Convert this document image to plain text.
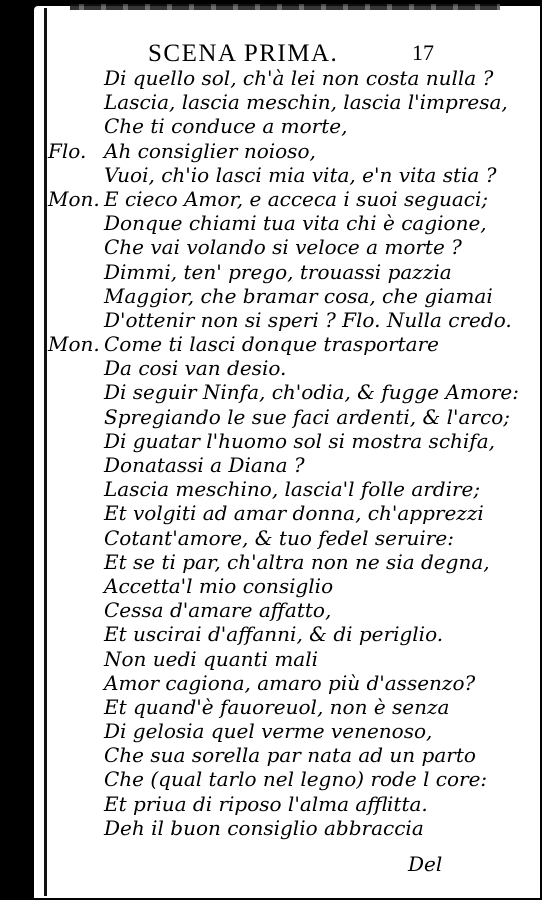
SCENA PRIMA.	17
Di quello sol, ch'à lei non costa nulla ?
Lascia, lascia meschin, lascia l'impresa,
Che ti conduce a morte,
Flo. Ah consiglier noioso,
Vuoi, ch'io lasci mia vita, e'n vita stia ?
Mon. E cieco Amor, e acceca i suoi seguaci;
Donque chiami tua vita chi è cagione,
Che vai volando si veloce a morte ?
Dimmi, ten' prego, trouassi pazzia
Maggior, che bramar cosa, che giamai
D'ottenir non si speri ? Flo. Nulla credo.
Mon. Come ti lasci donque trasportare
Da cosi van desio.
Di seguir Ninfa, ch'odia, & fugge Amore:
Spregiando le sue faci ardenti, & l'arco;
Di guatar l'huomo sol si mostra schifa,
Donatassi a Diana ?
Lascia meschino, lascia'l folle ardire;
Et volgiti ad amar donna, ch'apprezzi
Cotant'amore, & tuo fedel seruire:
Et se ti par, ch'altra non ne sia degna,
Accetta'l mio consiglio
Cessa d'amare affatto,
Et uscirai d'affanni, & di periglio.
Non uedi quanti mali
Amor cagiona, amaro più d'assenzo?
Et quand'è fauoreuol, non è senza
Di gelosia quel verme venenoso,
Che sua sorella par nata ad un parto
Che (qual tarlo nel legno) rode l core:
Et priua di riposo l'alma afflitta.
Deh il buon consiglio abbraccia
Del
